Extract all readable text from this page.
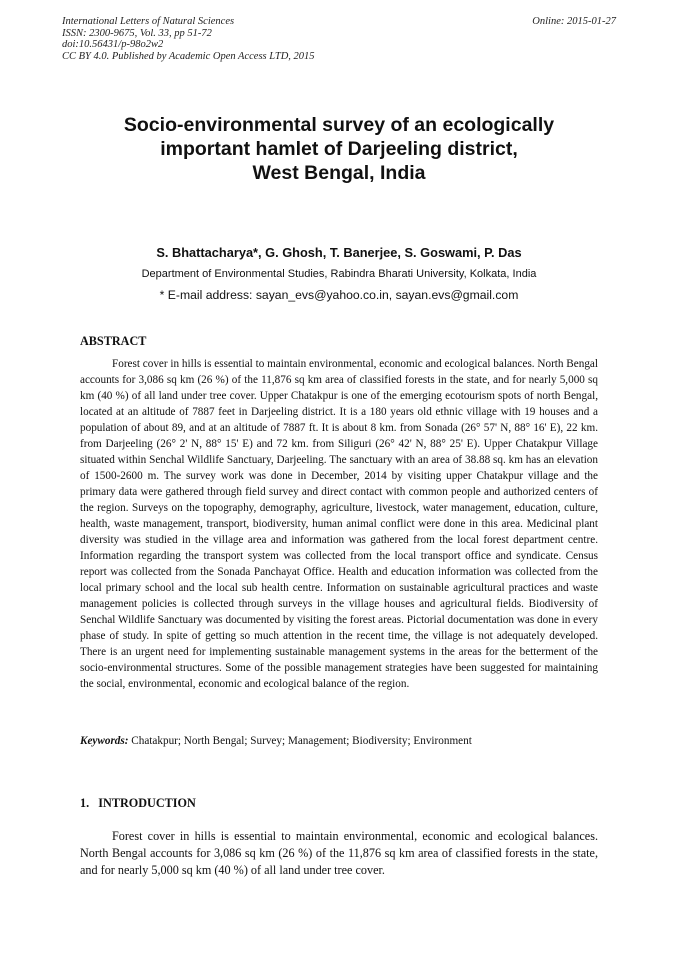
International Letters of Natural Sciences
ISSN: 2300-9675, Vol. 33, pp 51-72
doi:10.56431/p-98o2w2
CC BY 4.0. Published by Academic Open Access LTD, 2015
Online: 2015-01-27
Socio-environmental survey of an ecologically
important hamlet of Darjeeling district,
West Bengal, India
S. Bhattacharya*, G. Ghosh, T. Banerjee, S. Goswami, P. Das
Department of Environmental Studies, Rabindra Bharati University, Kolkata, India
* E-mail address: sayan_evs@yahoo.co.in, sayan.evs@gmail.com
ABSTRACT

Forest cover in hills is essential to maintain environmental, economic and ecological balances. North Bengal accounts for 3,086 sq km (26 %) of the 11,876 sq km area of classified forests in the state, and for nearly 5,000 sq km (40 %) of all land under tree cover. Upper Chatakpur is one of the emerging ecotourism spots of north Bengal, located at an altitude of 7887 feet in Darjeeling district. It is a 180 years old ethnic village with 19 houses and a population of about 89, and at an altitude of 7887 ft. It is about 8 km. from Sonada (26° 57' N, 88° 16' E), 22 km. from Darjeeling (26° 2' N, 88° 15' E) and 72 km. from Siliguri (26° 42' N, 88° 25' E). Upper Chatakpur Village situated within Senchal Wildlife Sanctuary, Darjeeling. The sanctuary with an area of 38.88 sq. km has an elevation of 1500-2600 m. The survey work was done in December, 2014 by visiting upper Chatakpur village and the primary data were gathered through field survey and direct contact with common people and authorized centers of the region. Surveys on the topography, demography, agriculture, livestock, water management, education, culture, health, waste management, transport, biodiversity, human animal conflict were done in this area. Medicinal plant diversity was studied in the village area and information was gathered from the local forest department centre. Information regarding the transport system was collected from the local transport office and syndicate. Census report was collected from the Sonada Panchayat Office. Health and education information was collected from the local primary school and the local sub health centre. Information on sustainable agricultural practices and waste management policies is collected through surveys in the village houses and agricultural fields. Biodiversity of Senchal Wildlife Sanctuary was documented by visiting the forest areas. Pictorial documentation was done in every phase of study. In spite of getting so much attention in the recent time, the village is not adequately developed. There is an urgent need for implementing sustainable management systems in the areas for the betterment of the socio-environmental structures. Some of the possible management strategies have been suggested for maintaining the social, environmental, economic and ecological balance of the region.

Keywords: Chatakpur; North Bengal; Survey; Management; Biodiversity; Environment
1.   INTRODUCTION

Forest cover in hills is essential to maintain environmental, economic and ecological balances. North Bengal accounts for 3,086 sq km (26 %) of the 11,876 sq km area of classified forests in the state, and for nearly 5,000 sq km (40 %) of all land under tree cover.
